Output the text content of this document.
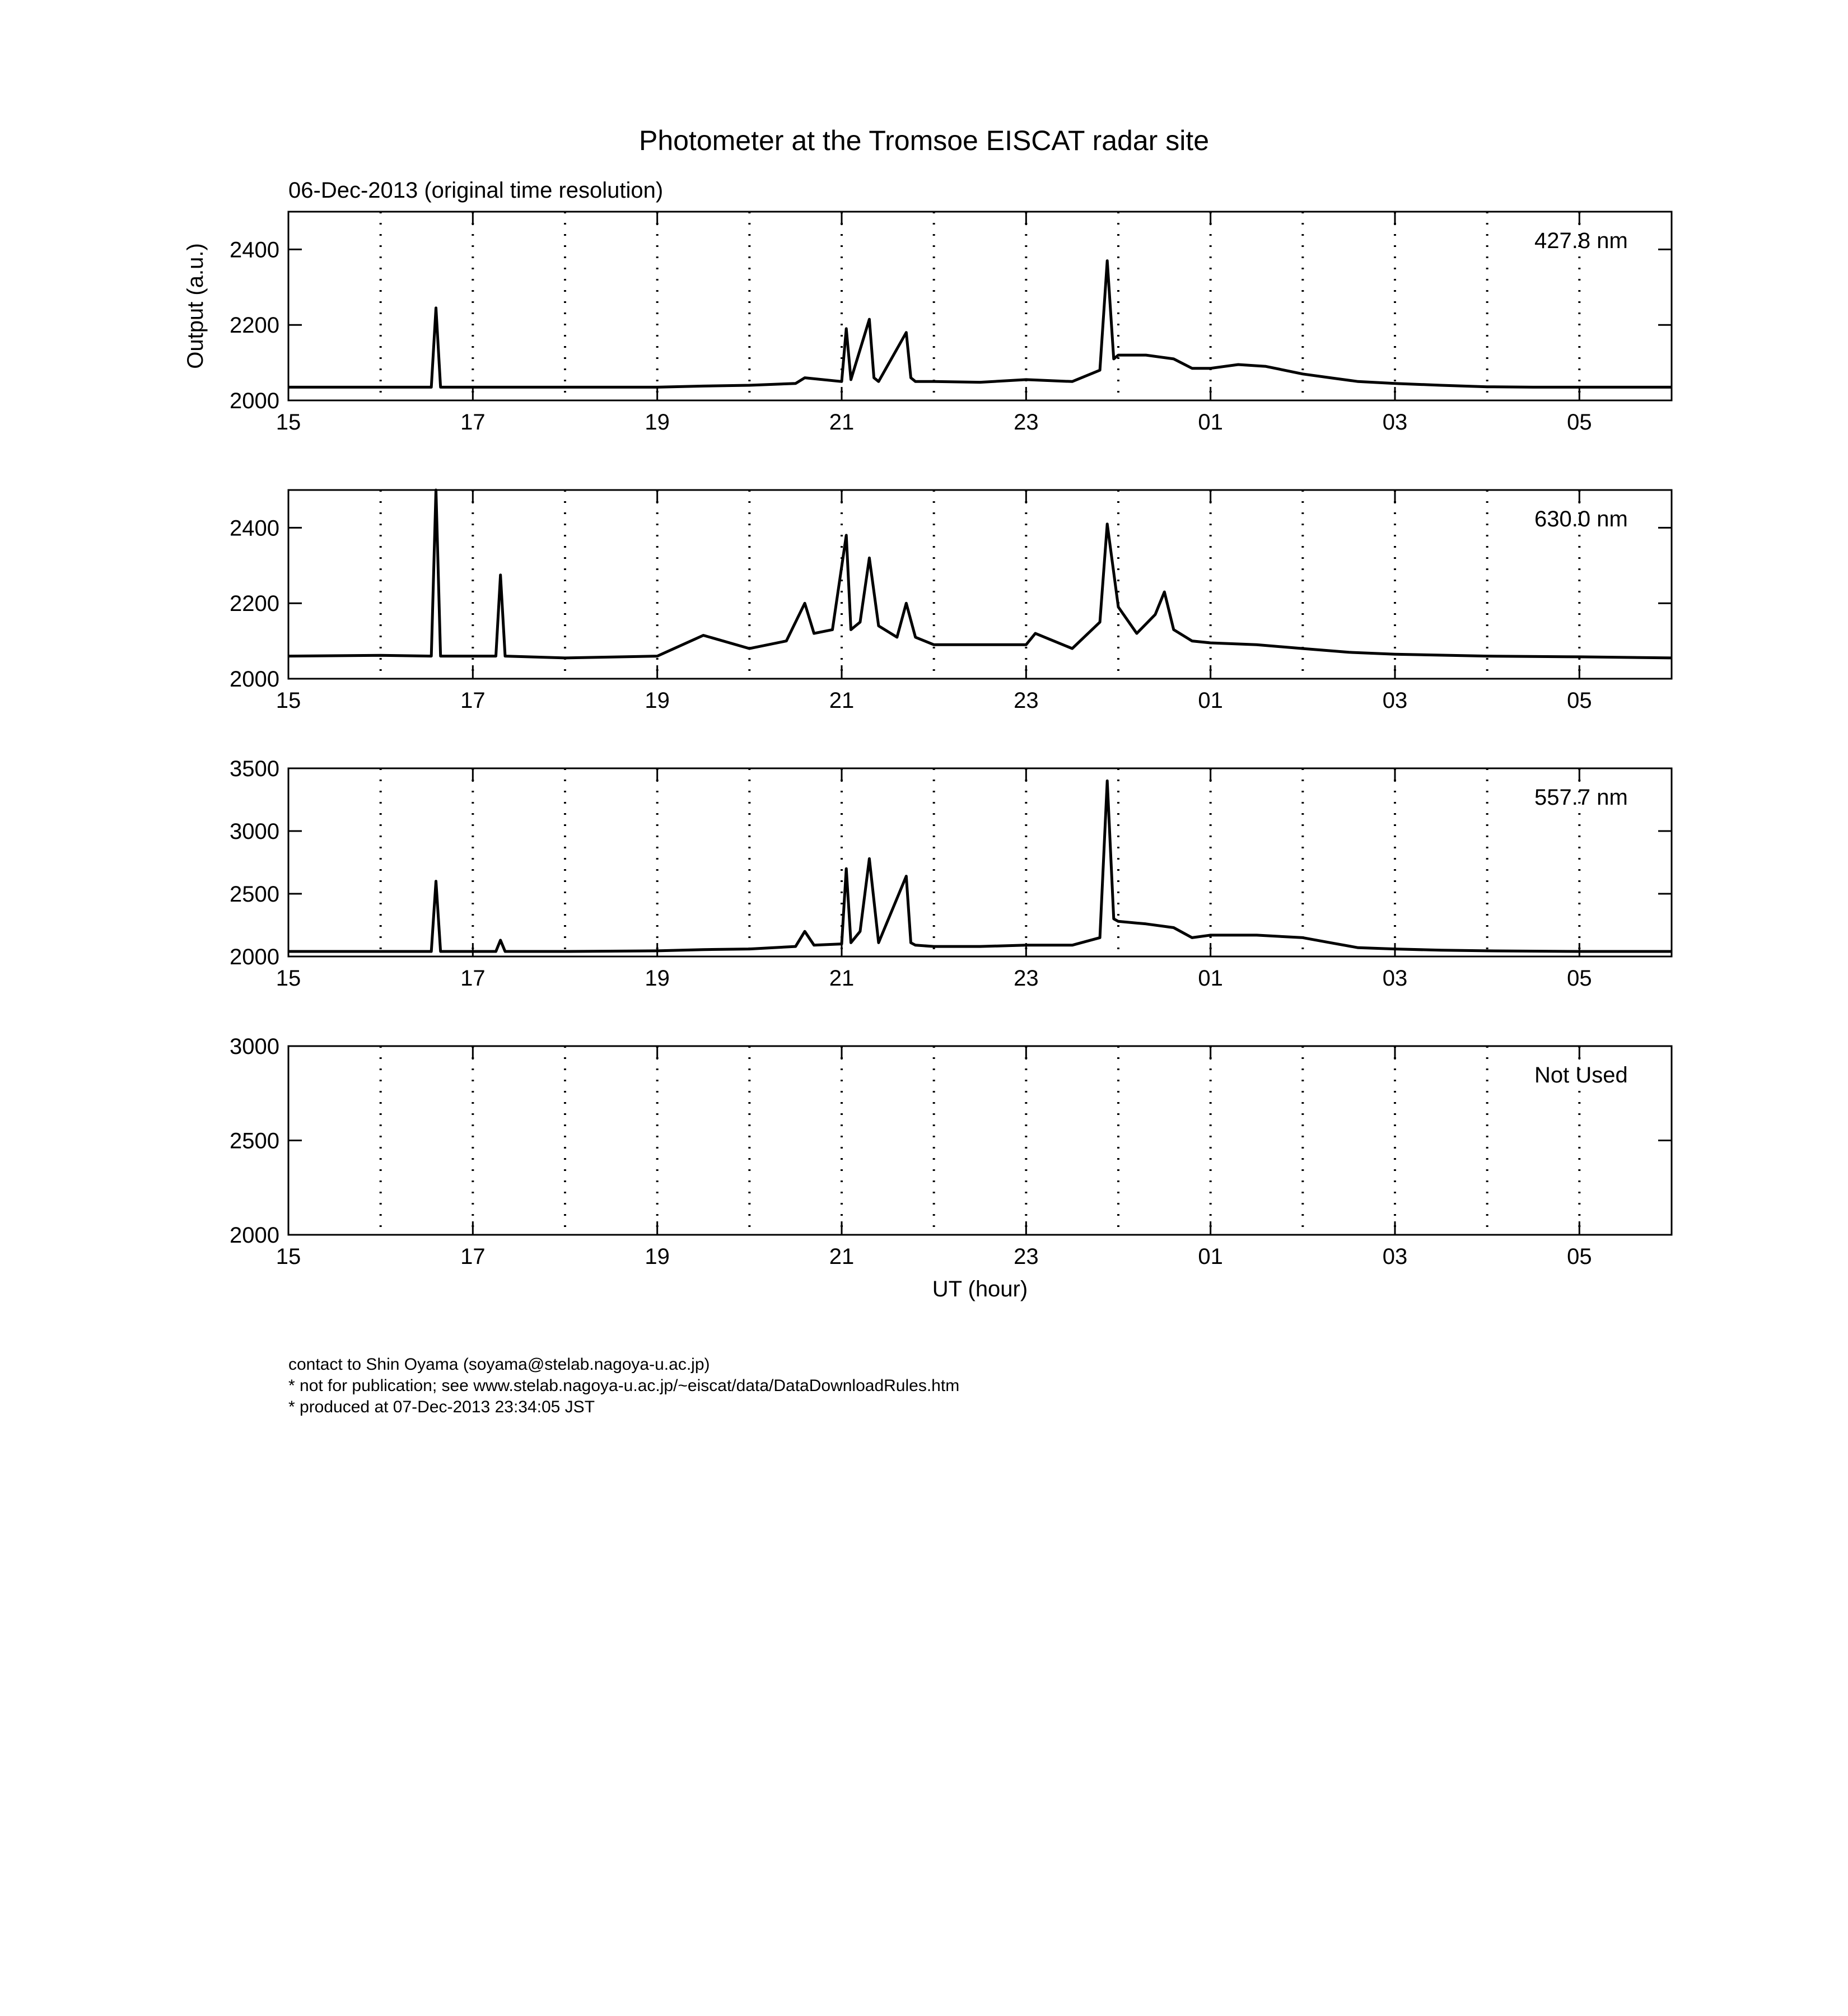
Photometer at the Tromsoe EISCAT radar site
06-Dec-2013 (original time resolution)
15	17	19	21	23	01	03	05
2000
2200
2400	427.8 nm
Output (a.u.)
15	17	19	21	23	01	03	05
2000
2200
2400	630.0 nm
15	17	19	21	23	01	03	05
2000
2500
3000
3500
557.7 nm
15	17	19	21	23	01	03	05
2000
2500
3000
Not Used
UT (hour)
contact to Shin Oyama (soyama@stelab.nagoya-u.ac.jp)
* not for publication; see www.stelab.nagoya-u.ac.jp/~eiscat/data/DataDownloadRules.htm
* produced at 07-Dec-2013 23:34:05 JST
